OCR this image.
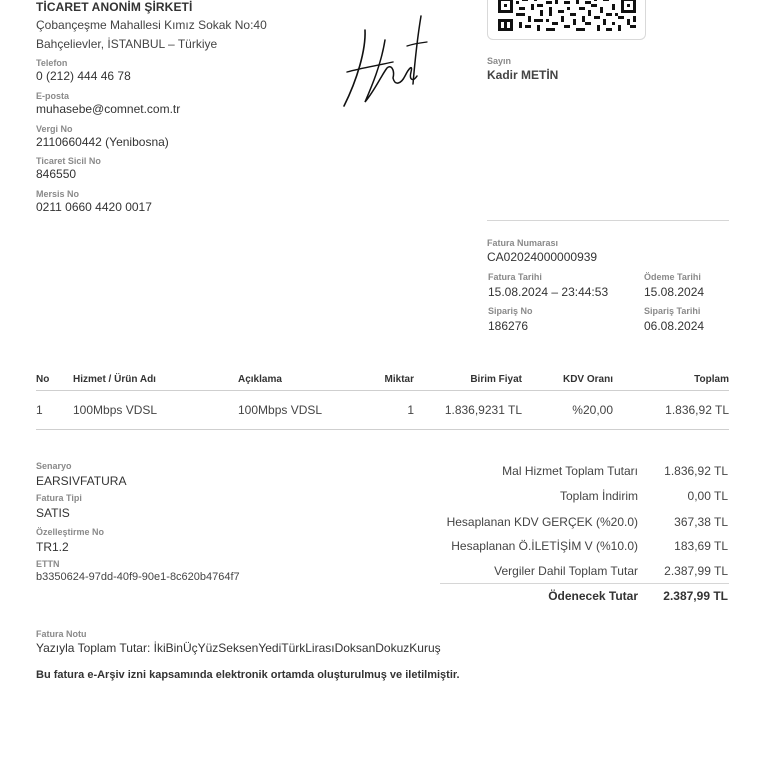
TİCARET ANONİM ŞİRKETİ
Çobançeşme Mahallesi Kımız Sokak No:40
Bahçelievler, İSTANBUL – Türkiye
Telefon
0 (212) 444 46 78
E-posta
muhasebe@comnet.com.tr
Vergi No
2110660442 (Yenibosna)
Ticaret Sicil No
846550
Mersis No
0211 0660 4420 0017
Sayın
Kadir METİN
Fatura Numarası
CA02024000000939
Fatura Tarihi
15.08.2024 – 23:44:53
Ödeme Tarihi
15.08.2024
Sipariş No
186276
Sipariş Tarihi
06.08.2024
No	Hizmet / Ürün Adı	Açıklama	Miktar	Birim Fiyat	KDV Oranı	Toplam
1	100Mbps VDSL	100Mbps VDSL	1	1.836,9231 TL	%20,00	1.836,92 TL
Senaryo
EARSIVFATURA
Fatura Tipi
SATIS
Özelleştirme No
TR1.2
ETTN
b3350624-97dd-40f9-90e1-8c620b4764f7
Mal Hizmet Toplam Tutarı 1.836,92 TL
Toplam İndirim	0,00 TL
Hesaplanan KDV GERÇEK (%20.0)	367,38 TL
Hesaplanan Ö.İLETİŞİM V (%10.0)	183,69 TL
Vergiler Dahil Toplam Tutar 2.387,99 TL
Ödenecek Tutar 2.387,99 TL
Fatura Notu
Yazıyla Toplam Tutar: İkiBinÜçYüzSeksenYediTürkLirasıDoksanDokuzKuruş
Bu fatura e-Arşiv izni kapsamında elektronik ortamda oluşturulmuş ve iletilmiştir.
